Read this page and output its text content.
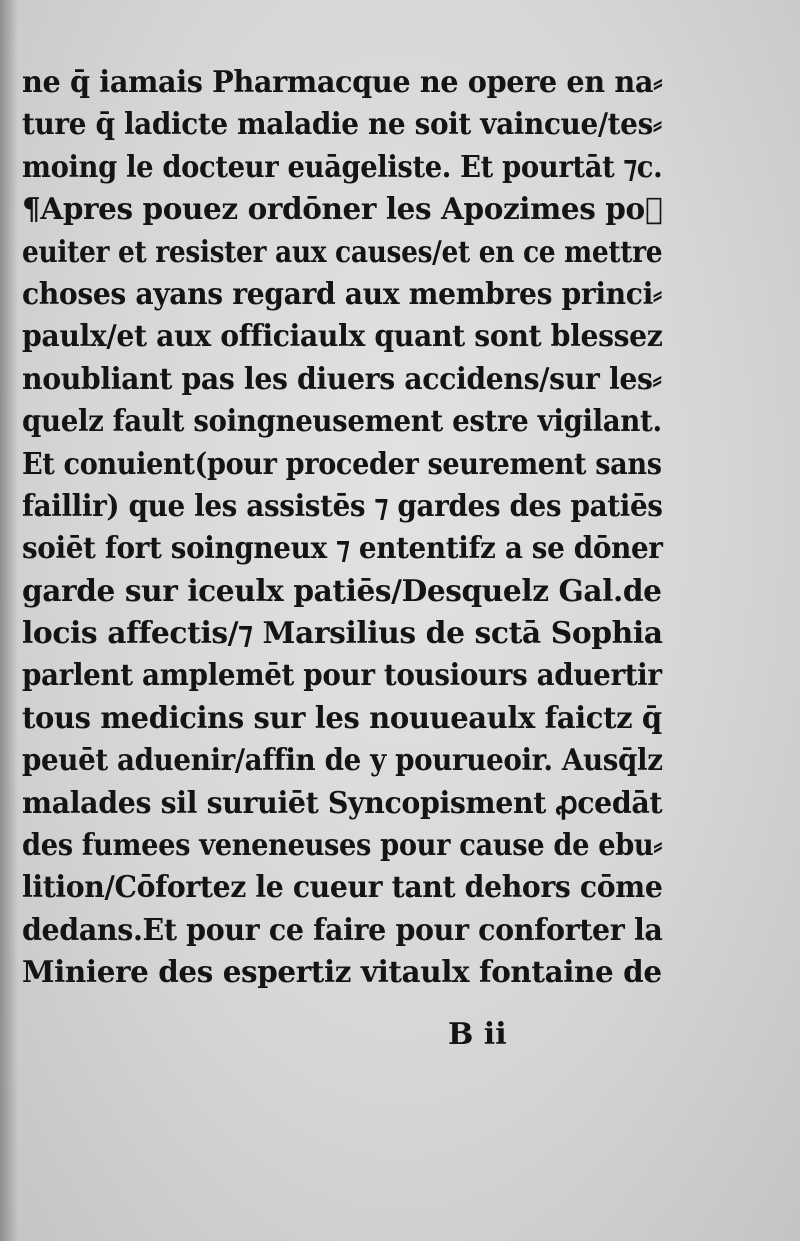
ne q̄ iamais Pharmacque ne opere en na⸗
ture q̄ ladicte maladie ne soit vaincue/tes⸗
moing le docteur euāgeliste. Et pourtāt ⁊c.
¶Apres pouez ordōner les Apozimes po᷑
euiter et resister aux causes/et en ce mettre
choses ayans regard aux membres princi⸗
paulx/et aux officiaulx quant sont blessez
noubliant pas les diuers accidens/sur les⸗
quelz fault soingneusement estre vigilant.
Et conuient(pour proceder seurement sans
faillir) que les assistēs ⁊ gardes des patiēs
soiēt fort soingneux ⁊ ententifz a se dōner
garde sur iceulx patiēs/Desquelz Gal.de
locis affectis/⁊ Marsilius de sctā Sophia
parlent amplemēt pour tousiours aduertir
tous medicins sur les nouueaulx faictz q̄
peuēt aduenir/affin de y pourueoir. Ausq̄lz
malades sil suruiēt Syncopisment ꝓcedāt
des fumees veneneuses pour cause de ebu⸗
lition/Cōfortez le cueur tant dehors cōme
dedans.Et pour ce faire pour conforter la
Miniere des espertiz vitaulx fontaine de
B ii
